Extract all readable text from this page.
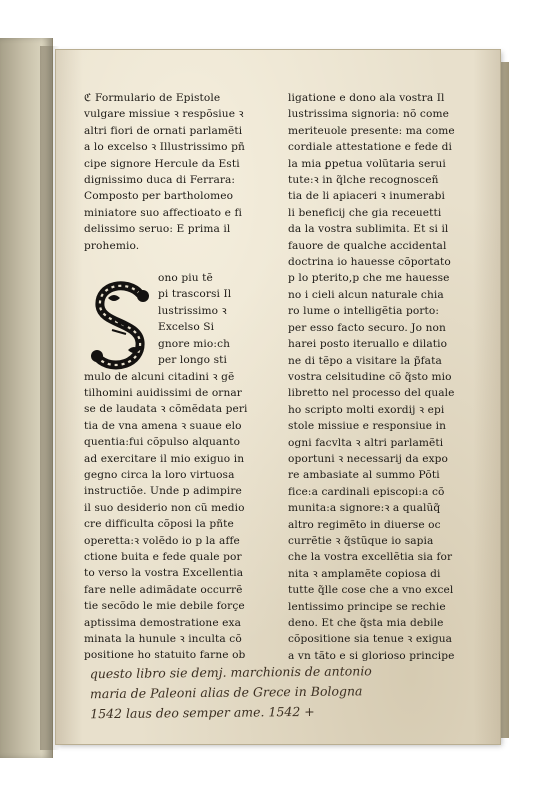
ℭ Formulario de Epistole
vulgare missiue ꝛ respõsiue ꝛ
altri fiori de ornati parlamẽti
a lo excelso ꝛ Illustrissimo pñ
cipe signore Hercule da Esti
dignissimo duca di Ferrara:
Composto per bartholomeo
miniatore suo affectioato e fi
delissimo seruo: E prima il
prohemio.
ono piu tẽ
pi trascorsi Il
lustrissimo ꝛ
Excelso Si
gnore mio:ch
per longo sti
mulo de alcuni citadini ꝛ gẽ
tilhomini auidissimi de ornar
se de laudata ꝛ cõmẽdata peri
tia de vna amena ꝛ suaue elo
quentia:fui cõpulso alquanto
ad exercitare il mio exiguo in
gegno circa la loro virtuosa
instructiõe. Unde p adimpire
il suo desiderio non cũ medio
cre difficulta cõposi la pñte
operetta:ꝛ volẽdo io p la affe
ctione buita e fede quale por
to verso la vostra Excellentia
fare nelle adimãdate occurrẽ
tie secõdo le mie debile forçe
aptissima demostratione exa
minata la hunule ꝛ inculta cõ
positione ho statuito farne ob
ligatione e dono ala vostra Il
lustrissima signoria: nõ come
meriteuole presente: ma come
cordiale attestatione e fede di
la mia ꝑpetua volũtaria serui
tute:ꝛ in q̃lche recognosceñ
tia de li apiaceri ꝛ inumerabi
li beneficij che gia receuetti
da la vostra sublimita. Et si il
fauore de qualche accidental
doctrina io hauesse cõportato
p lo pterito,p che me hauesse
no i cieli alcun naturale chia
ro lume o intelligẽtia porto:
per esso facto securo. Jo non
harei posto iteruallo e dilatio
ne di tẽpo a visitare la p̃fata
vostra celsitudine cõ q̃sto mio
libretto nel processo del quale
ho scripto molti exordij ꝛ epi
stole missiue e responsiue in
ogni facvlta ꝛ altri parlamẽti
oportuni ꝛ necessarij da expo
re ambasiate al summo Põti
fice:a cardinali episcopi:a cõ
munita:a signore:ꝛ a qualũq̃
altro regimẽto in diuerse oc
currẽtie ꝛ q̃stũque io sapia
che la vostra excellẽtia sia for
nita ꝛ amplamẽte copiosa di
tutte q̃lle cose che a vno excel
lentissimo principe se rechie
deno. Et che q̃sta mia debile
cõpositione sia tenue ꝛ exigua
a vn tãto e si glorioso principe
questo libro sie demj. marchionis de antonio
maria de Paleoni alias de Grece in Bologna
1542 laus deo semper ame. 1542 +
